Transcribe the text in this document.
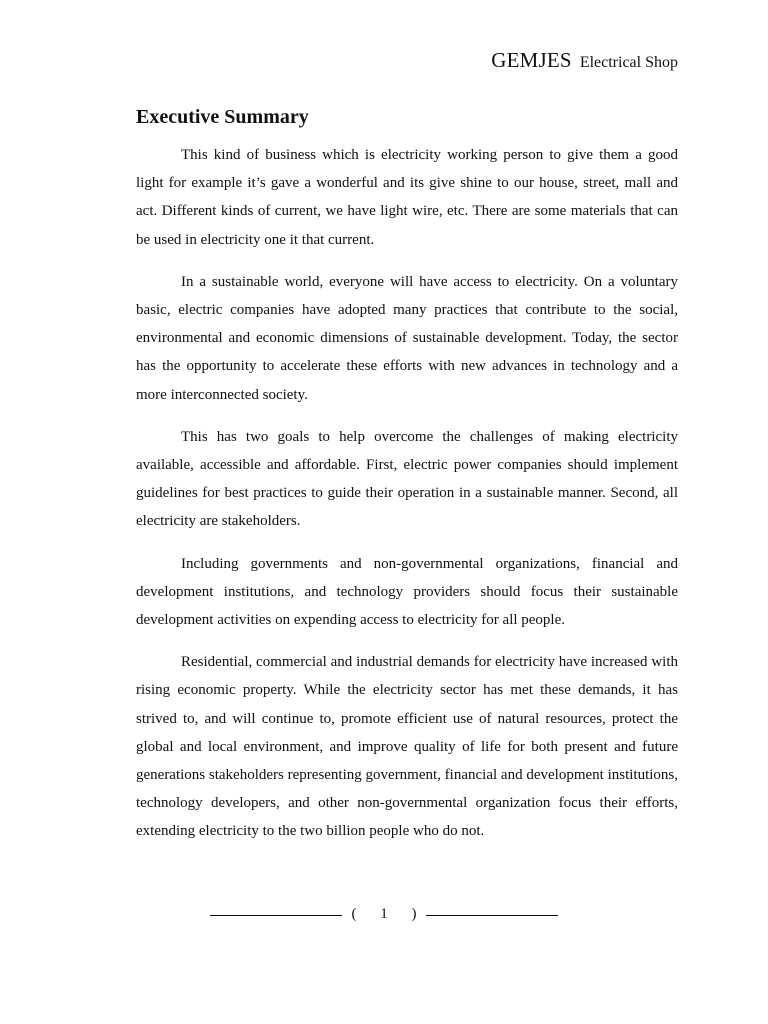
GEMJES Electrical Shop
Executive Summary

This kind of business which is electricity working person to give them a good light for example it’s gave a wonderful and its give shine to our house, street, mall and act. Different kinds of current, we have light wire, etc. There are some materials that can be used in electricity one it that current.

In a sustainable world, everyone will have access to electricity. On a voluntary basic, electric companies have adopted many practices that contribute to the social, environmental and economic dimensions of sustainable development. Today, the sector has the opportunity to accelerate these efforts with new advances in technology and a more interconnected society.

This has two goals to help overcome the challenges of making electricity available, accessible and affordable. First, electric power companies should implement guidelines for best practices to guide their operation in a sustainable manner. Second, all electricity are stakeholders.

Including governments and non-governmental organizations, financial and development institutions, and technology providers should focus their sustainable development activities on expending access to electricity for all people.

Residential, commercial and industrial demands for electricity have increased with rising economic property. While the electricity sector has met these demands, it has strived to, and will continue to, promote efficient use of natural resources, protect the global and local environment, and improve quality of life for both present and future generations stakeholders representing government, financial and development institutions, technology developers, and other non-governmental organization focus their efforts, extending electricity to the two billion people who do not.

( 1 )
